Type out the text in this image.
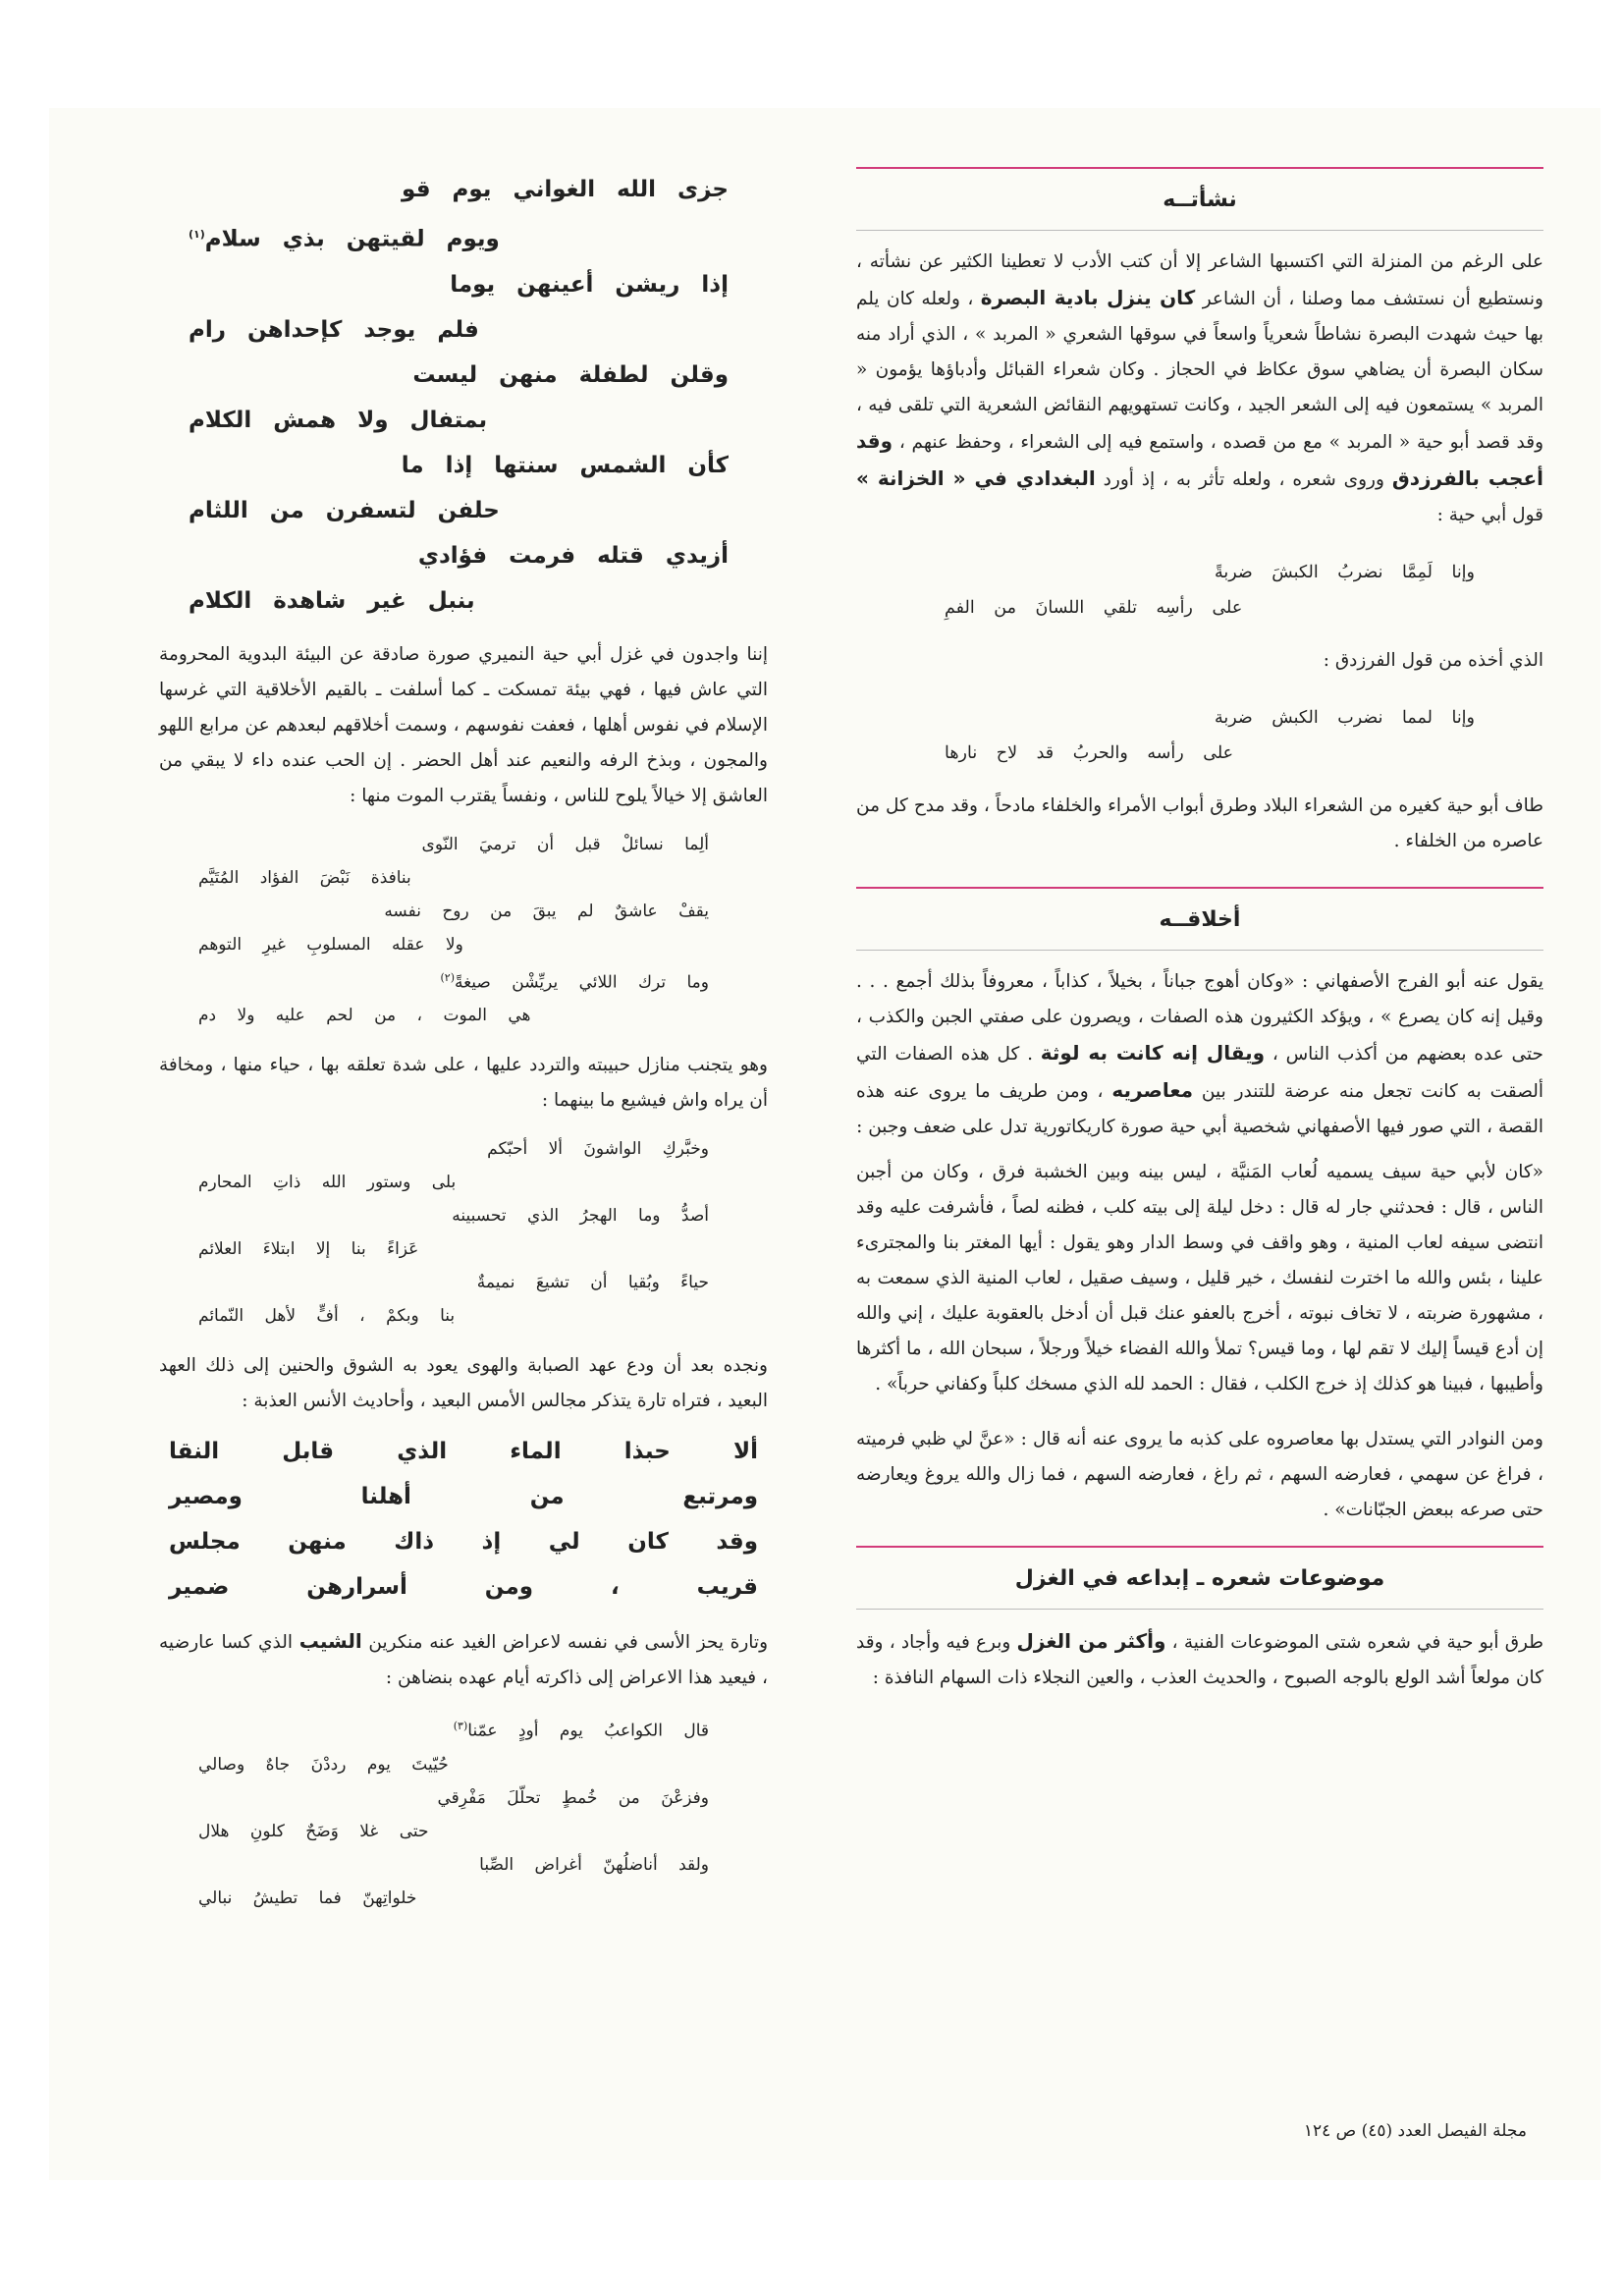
نشأتــه

على الرغم من المنزلة التي اكتسبها الشاعر إلا أن كتب الأدب لا تعطينا الكثير عن نشأته ، ونستطيع أن نستشف مما وصلنا ، أن الشاعر كان ينزل بادية البصرة ، ولعله كان يلم بها حيث شهدت البصرة نشاطاً شعرياً واسعاً في سوقها الشعري « المربد » ، الذي أراد منه سكان البصرة أن يضاهي سوق عكاظ في الحجاز . وكان شعراء القبائل وأدباؤها يؤمون « المربد » يستمعون فيه إلى الشعر الجيد ، وكانت تستهويهم النقائض الشعرية التي تلقى فيه ، وقد قصد أبو حية « المربد » مع من قصده ، واستمع فيه إلى الشعراء ، وحفظ عنهم ، وقد أعجب بالفرزدق وروى شعره ، ولعله تأثر به ، إذ أورد البغدادي في « الخزانة » قول أبي حية :

وإنا لَمِمَّا نضربُ الكبشَ ضربةً
على رأسِه تلقي اللسانَ من الفمِ

الذي أخذه من قول الفرزدق :

وإنا لمما نضرب الكبش ضربة
على رأسه والحربُ قد لاح نارها

طاف أبو حية كغيره من الشعراء البلاد وطرق أبواب الأمراء والخلفاء مادحاً ، وقد مدح كل من عاصره من الخلفاء .

أخلاقــه

يقول عنه أبو الفرج الأصفهاني : «وكان أهوج جباناً ، بخيلاً ، كذاباً ، معروفاً بذلك أجمع . . . وقيل إنه كان يصرع » ، ويؤكد الكثيرون هذه الصفات ، ويصرون على صفتي الجبن والكذب ، حتى عده بعضهم من أكذب الناس ، ويقال إنه كانت به لوثة . كل هذه الصفات التي ألصقت به كانت تجعل منه عرضة للتندر بين معاصريه ، ومن طريف ما يروى عنه هذه القصة ، التي صور فيها الأصفهاني شخصية أبي حية صورة كاريكاتورية تدل على ضعف وجبن :

«كان لأبي حية سيف يسميه لُعاب المَنيَّة ، ليس بينه وبين الخشبة فرق ، وكان من أجبن الناس ، قال : فحدثني جار له قال : دخل ليلة إلى بيته كلب ، فظنه لصاً ، فأشرفت عليه وقد انتضى سيفه لعاب المنية ، وهو واقف في وسط الدار وهو يقول : أيها المغتر بنا والمجترىء علينا ، بئس والله ما اخترت لنفسك ، خير قليل ، وسيف صقيل ، لعاب المنية الذي سمعت به ، مشهورة ضربته ، لا تخاف نبوته ، أخرج بالعفو عنك قبل أن أدخل بالعقوبة عليك ، إني والله إن أدع قيساً إليك لا تقم لها ، وما قيس؟ تملأ والله الفضاء خيلاً ورجلاً ، سبحان الله ، ما أكثرها وأطيبها ، فبينا هو كذلك إذ خرج الكلب ، فقال : الحمد لله الذي مسخك كلباً وكفاني حرباً» .

ومن النوادر التي يستدل بها معاصروه على كذبه ما يروى عنه أنه قال : «عنَّ لي ظبي فرميته ، فراغ عن سهمي ، فعارضه السهم ، ثم راغ ، فعارضه السهم ، فما زال والله يروغ ويعارضه حتى صرعه ببعض الجبّانات» .

موضوعات شعره ـ إبداعه في الغزل

طرق أبو حية في شعره شتى الموضوعات الفنية ، وأكثر من الغزل وبرع فيه وأجاد ، وقد كان مولعاً أشد الولع بالوجه الصبوح ، والحديث العذب ، والعين النجلاء ذات السهام النافذة :

جزى الله الغواني يوم قو
ويوم لقيتهن بذي سلام$^{(١)}$
إذا ريشن أعينهن يوما
فلم يوجد كإحداهن رام
وقلن لطفلة منهن ليست
بمتفال ولا همش الكلام
كأن الشمس سنتها إذا ما
حلفن لتسفرن من اللثام
أزيدي قتله فرمت فؤادي
بنبل غير شاهدة الكلام

إننا واجدون في غزل أبي حية النميري صورة صادقة عن البيئة البدوية المحرومة التي عاش فيها ، فهي بيئة تمسكت ـ كما أسلفت ـ بالقيم الأخلاقية التي غرسها الإسلام في نفوس أهلها ، فعفت نفوسهم ، وسمت أخلاقهم لبعدهم عن مرابع اللهو والمجون ، وبذخ الرفه والنعيم عند أهل الحضر . إن الحب عنده داء لا يبقي من العاشق إلا خيالاً يلوح للناس ، ونفساً يقترب الموت منها :

ألِما نسائلْ قبل أن ترميَ النّوى
بنافذة نَبْضَ الفؤاد المُتَيَّم
يقفْ عاشقٌ لم يبقَ من روح نفسه
ولا عقله المسلوبِ غيرِ التوهم
وما ترك اللائي يريِّشْن صيغةً$^{(٢)}$
هي الموت ، من لحم عليه ولا دم

وهو يتجنب منازل حبيبته والتردد عليها ، على شدة تعلقه بها ، حياء منها ، ومخافة أن يراه واش فيشيع ما بينهما :

وخبَّركِ الواشونَ ألا أحبّكم
بلى وستور الله ذاتِ المحارم
أصدُّ وما الهجرُ الذي تحسبينه
عَزاءً بنا إلا ابتلاءَ العلائم
حياءً وبُقيا أن تشيعَ نميمةٌ
بنا وبكمْ ، أفٍّ لأهل النّمائم

ونجده بعد أن ودع عهد الصبابة والهوى يعود به الشوق والحنين إلى ذلك العهد البعيد ، فتراه تارة يتذكر مجالس الأمس البعيد ، وأحاديث الأنس العذبة :

ألا حبذا الماء الذي قابل النقا
ومرتبع من أهلنا ومصير
وقد كان لي إذ ذاك منهن مجلس
قريب ، ومن أسرارهن ضمير

وتارة يحز الأسى في نفسه لاعراض الغيد عنه منكرين الشيب الذي كسا عارضيه ، فيعيد هذا الاعراض إلى ذاكرته أيام عهده بنضاهن :

قال الكواعبُ يوم أودٍ عمّنا$^{(٣)}$
حُيّيتَ يوم رددْنَ جاهٌ وصالي
وفزعْنَ من خُمطٍ تحلّلَ مَفْرِقي
حتى غلا وَضَحٌ كلونِ هلال
ولقد أناضلُهنّ أغراض الصِّبا
خلواتِهنّ فما تطيشُ نبالي
مجلة الفيصل العدد (٤٥) ص ١٢٤
